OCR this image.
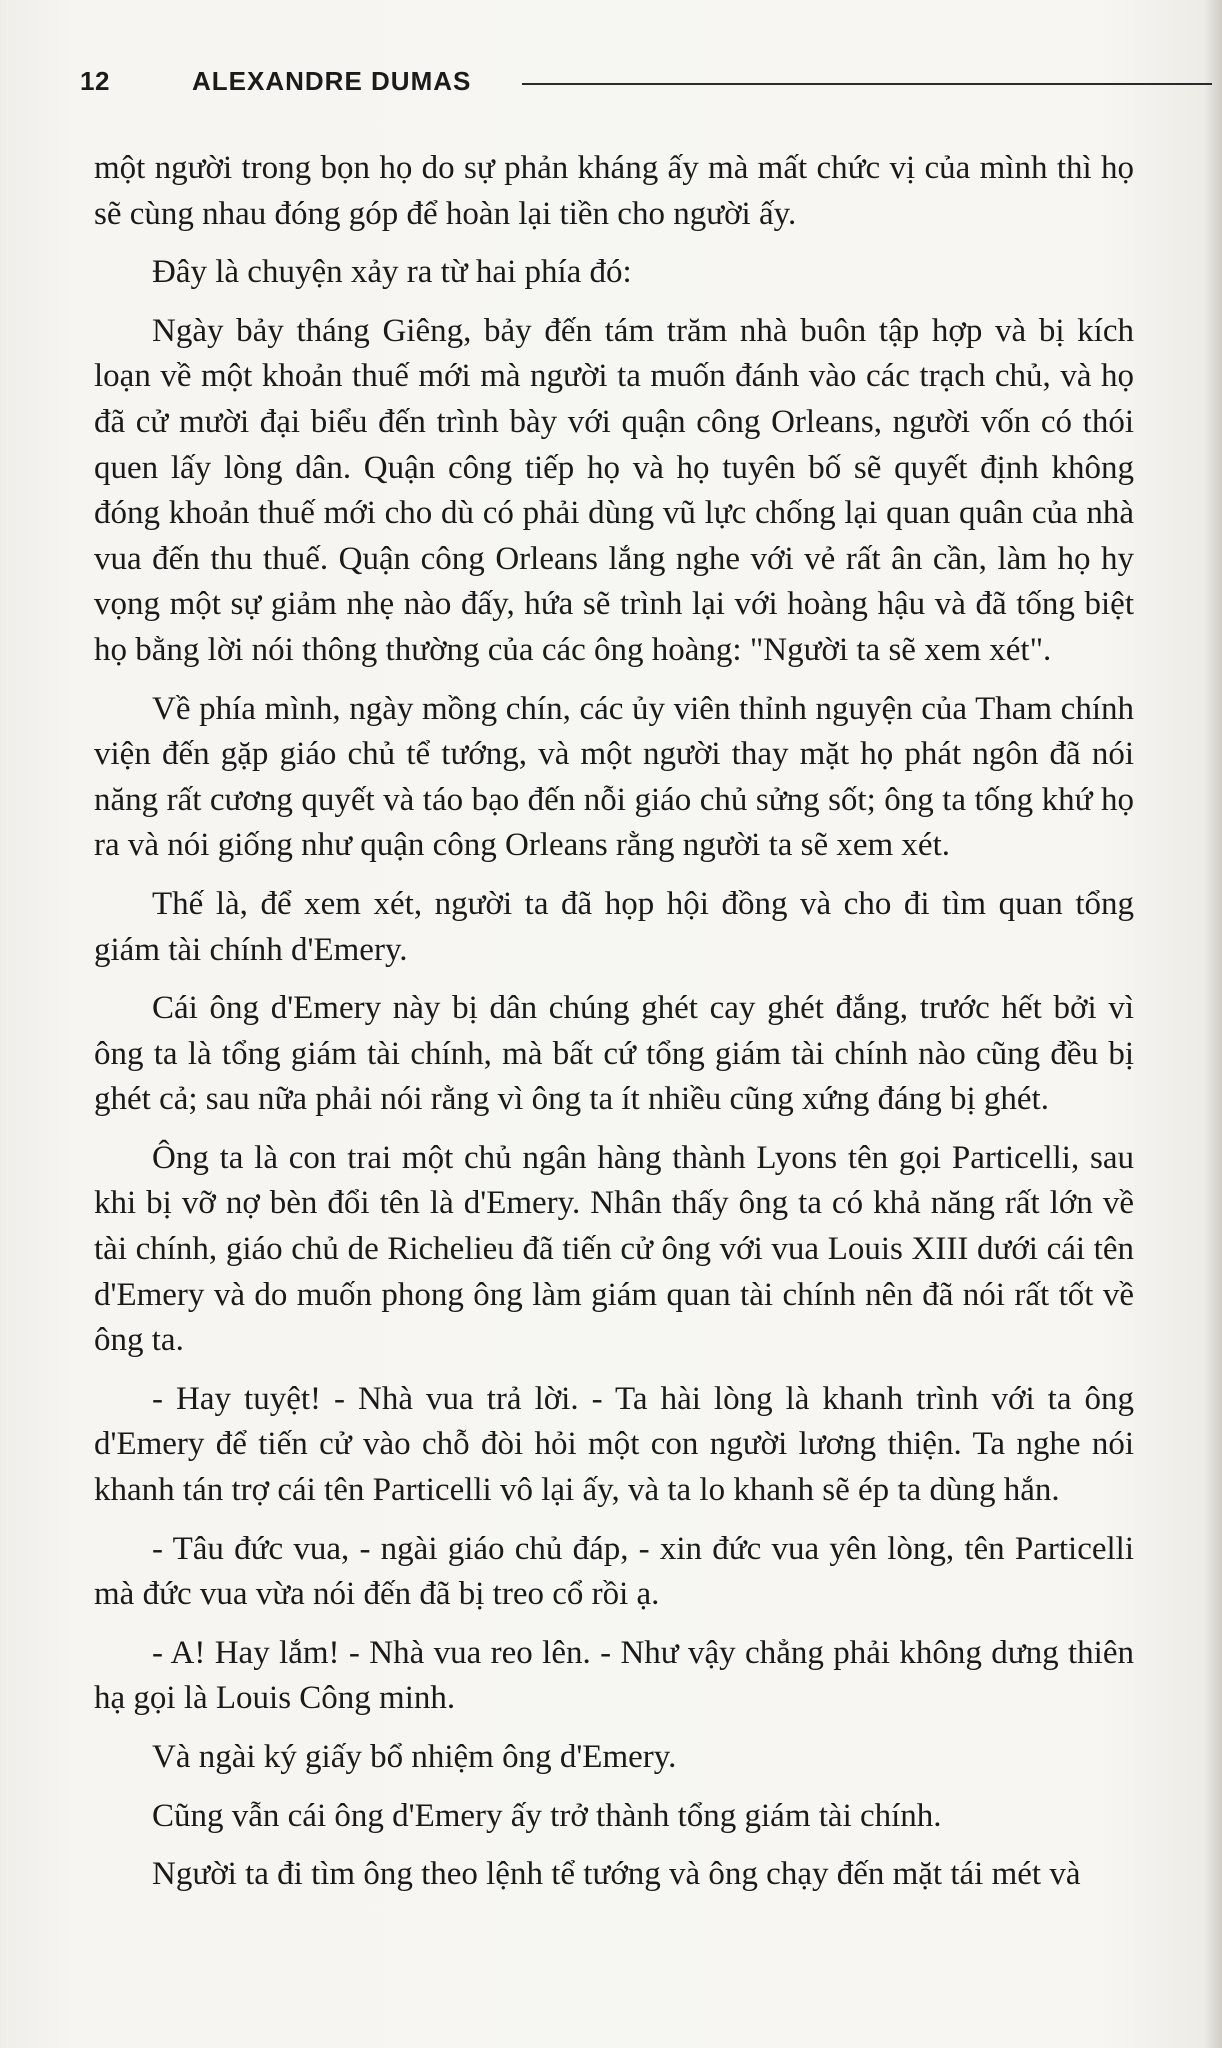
12	ALEXANDRE DUMAS

một người trong bọn họ do sự phản kháng ấy mà mất chức vị của mình thì họ sẽ cùng nhau đóng góp để hoàn lại tiền cho người ấy.

Đây là chuyện xảy ra từ hai phía đó:

Ngày bảy tháng Giêng, bảy đến tám trăm nhà buôn tập hợp và bị kích loạn về một khoản thuế mới mà người ta muốn đánh vào các trạch chủ, và họ đã cử mười đại biểu đến trình bày với quận công Orleans, người vốn có thói quen lấy lòng dân. Quận công tiếp họ và họ tuyên bố sẽ quyết định không đóng khoản thuế mới cho dù có phải dùng vũ lực chống lại quan quân của nhà vua đến thu thuế. Quận công Orleans lắng nghe với vẻ rất ân cần, làm họ hy vọng một sự giảm nhẹ nào đấy, hứa sẽ trình lại với hoàng hậu và đã tống biệt họ bằng lời nói thông thường của các ông hoàng: "Người ta sẽ xem xét".

Về phía mình, ngày mồng chín, các ủy viên thỉnh nguyện của Tham chính viện đến gặp giáo chủ tể tướng, và một người thay mặt họ phát ngôn đã nói năng rất cương quyết và táo bạo đến nỗi giáo chủ sửng sốt; ông ta tống khứ họ ra và nói giống như quận công Orleans rằng người ta sẽ xem xét.

Thế là, để xem xét, người ta đã họp hội đồng và cho đi tìm quan tổng giám tài chính d'Emery.

Cái ông d'Emery này bị dân chúng ghét cay ghét đắng, trước hết bởi vì ông ta là tổng giám tài chính, mà bất cứ tổng giám tài chính nào cũng đều bị ghét cả; sau nữa phải nói rằng vì ông ta ít nhiều cũng xứng đáng bị ghét.

Ông ta là con trai một chủ ngân hàng thành Lyons tên gọi Particelli, sau khi bị vỡ nợ bèn đổi tên là d'Emery. Nhân thấy ông ta có khả năng rất lớn về tài chính, giáo chủ de Richelieu đã tiến cử ông với vua Louis XIII dưới cái tên d'Emery và do muốn phong ông làm giám quan tài chính nên đã nói rất tốt về ông ta.

- Hay tuyệt! - Nhà vua trả lời. - Ta hài lòng là khanh trình với ta ông d'Emery để tiến cử vào chỗ đòi hỏi một con người lương thiện. Ta nghe nói khanh tán trợ cái tên Particelli vô lại ấy, và ta lo khanh sẽ ép ta dùng hắn.

- Tâu đức vua, - ngài giáo chủ đáp, - xin đức vua yên lòng, tên Particelli mà đức vua vừa nói đến đã bị treo cổ rồi ạ.

- A! Hay lắm! - Nhà vua reo lên. - Như vậy chẳng phải không dưng thiên hạ gọi là Louis Công minh.

Và ngài ký giấy bổ nhiệm ông d'Emery.

Cũng vẫn cái ông d'Emery ấy trở thành tổng giám tài chính.

Người ta đi tìm ông theo lệnh tể tướng và ông chạy đến mặt tái mét và
